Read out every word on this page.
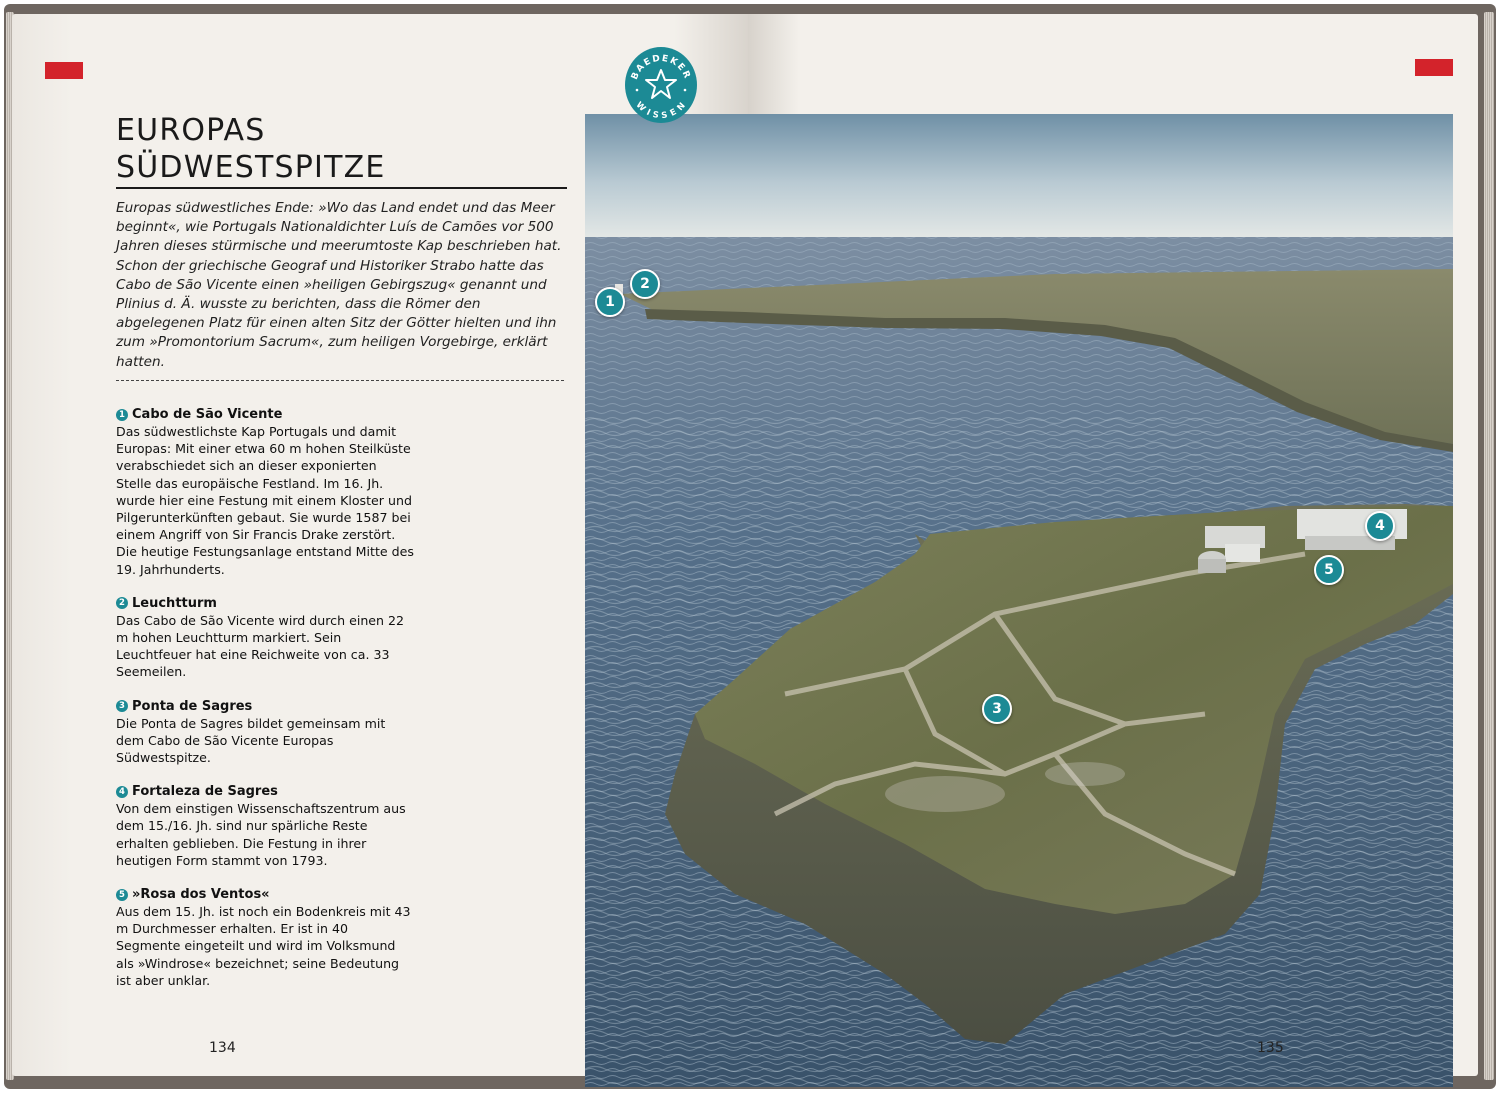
EUROPAS
SÜDWESTSPITZE

Europas südwestliches Ende: »Wo das Land endet und das Meer beginnt«, wie Portugals Nationaldichter Luís de Camões vor 500 Jahren dieses stürmische und meerumtoste Kap beschrieben hat. Schon der griechische Geograf und Historiker Strabo hatte das Cabo de São Vicente einen »heiligen Gebirgszug« genannt und Plinius d. Ä. wusste zu berichten, dass die Römer den abgelegenen Platz für einen alten Sitz der Götter hielten und ihn zum »Promontorium Sacrum«, zum heiligen Vorgebirge, erklärt hatten.

1 Cabo de São Vicente

Das südwestlichste Kap Portugals und damit Europas: Mit einer etwa 60 m hohen Steilküste verabschiedet sich an dieser exponierten Stelle das europäische Festland. Im 16. Jh. wurde hier eine Festung mit einem Kloster und Pilgerunterkünften gebaut. Sie wurde 1587 bei einem Angriff von Sir Francis Drake zerstört. Die heutige Festungsanlage entstand Mitte des 19. Jahrhunderts.

2 Leuchtturm

Das Cabo de São Vicente wird durch einen 22 m hohen Leuchtturm markiert. Sein Leuchtfeuer hat eine Reichweite von ca. 33 Seemeilen.

3 Ponta de Sagres

Die Ponta de Sagres bildet gemeinsam mit dem Cabo de São Vicente Europas Südwestspitze.

4 Fortaleza de Sagres

Von dem einstigen Wissenschaftszentrum aus dem 15./16. Jh. sind nur spärliche Reste erhalten geblieben. Die Festung in ihrer heutigen Form stammt von 1793.

5 »Rosa dos Ventos«

Aus dem 15. Jh. ist noch ein Bodenkreis mit 43 m Durchmesser erhalten. Er ist in 40 Segmente eingeteilt und wird im Volksmund als »Windrose« bezeichnet; seine Bedeutung ist aber unklar.

134
1
2
3
4
5
135
BAEDEKER
WISSEN
